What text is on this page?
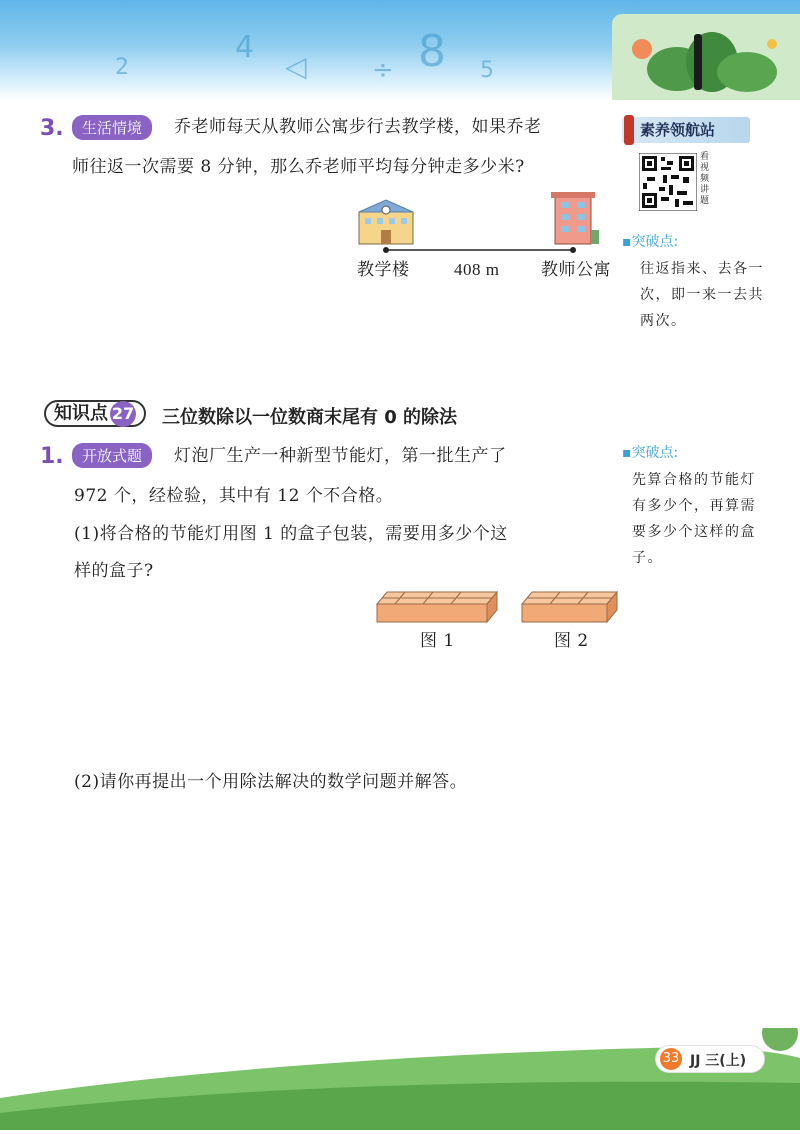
2
4
◁	÷ 8 5
素养领航站
看视频讲题
▪突破点:
往返指来、去各一次，即一来一去共两次。
3.	生活情境	乔老师每天从教师公寓步行去教学楼，如果乔老
师往返一次需要 8 分钟，那么乔老师平均每分钟走多少米?
教学楼	408 m 教师公寓
知识点 27	三位数除以一位数商末尾有 0 的除法
▪突破点:
先算合格的节能灯有多少个，再算需要多少个这样的盒子。
1.	开放式题	灯泡厂生产一种新型节能灯，第一批生产了
972 个，经检验，其中有 12 个不合格。
(1)将合格的节能灯用图 1 的盒子包装，需要用多少个这
样的盒子?
图 1	图 2
(2)请你再提出一个用除法解决的数学问题并解答。
33 JJ 三(上)
